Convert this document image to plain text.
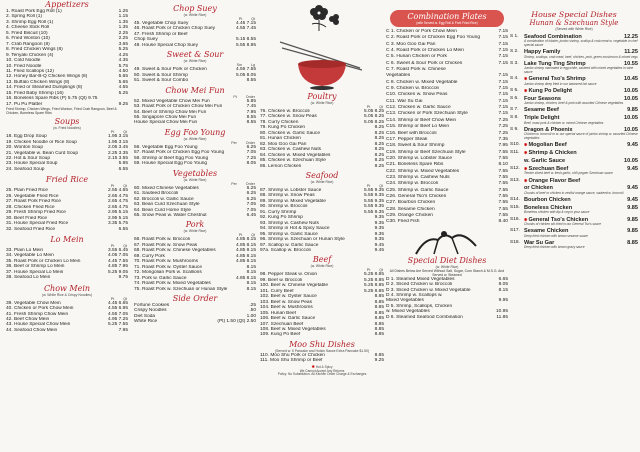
Appetizers
1. Roast Pork Egg Roll (1)	1.25
2. Spring Roll (1)	1.15
3. Shrimp Egg Roll (1)	1.35
4. Cheese Stick Roll	1.35
5. Fried Biscuit (10)	2.25
6. Fried Wonton (10)	2.25
7. Crab Rangoon (8)	3.65
8. Fried Chicken Wings (8)	5.25
9. Teriyaki Chicken (4)	4.25
10. Cold Noodle	4.35
10. Fried Noodle	5.75
11. Fried Scallops (12)	4.50
12. Honey Bar-B-Q Chicken Wings (8)	5.65
13. Buffalo Chicken Wings (8)	5.65
14. Fried or Steamed Dumplings (8)	4.55
15. Fried Baby Shrimp (16)	5.25
16. Boneless Spare Ribs (P) 5.75 (Qt) 9.75
17. Pu Pu Platter	9.25
Fried Shrimp, Chicken Wings, Fried Wonton, Fried Crab Rangoon, Beef & Chicken, Boneless Spare Ribs
Soups
(w. Fried Noodles)
Pt Qt
18. Egg Drop Soup	1.95 3.15
19. Chicken Noodle or Rice Soup	1.95 3.15
20. Wonton Soup	2.05 3.45
21. Vegetable w. Bean Curd Soup	2.25 3.35
22. Hot & Sour Soup	2.15 3.55
23. House Special Soup	5.95
24. Seafood Soup	6.55
Fried Rice
Pt Qt
25. Plain Fried Rice	2.55 4.65
26. Vegetable Fried Rice	2.65 4.75
27. Roast Pork Fried Rice	2.65 4.75
28. Chicken Fried Rice	2.65 4.75
29. Fresh Shrimp Fried Rice	2.95 5.15
30. Beef Fried Rice	2.95 5.15
31. House Special Fried Rice	3.35 5.75
32. Seafood Fried Rice	6.55
Lo Mein
Pt Qt
33. Plain Lo Mein	3.55 6.45
34. Vegetable Lo Mein	4.05 7.05
35. Roast Pork or Chicken Lo Mein	4.45 7.55
36. Beef or Shrimp Lo Mein	4.85 7.95
37. House Special Lo Mein	5.25 9.05
38. Seafood Lo Mein	9.75
Chow Mein
(w. White Rice & Crispy Noodles)
Pt Qt
39. Vegetable Chow Mein	4.45 6.65
40. Chicken or Pork Chow Mein	4.55 6.95
41. Fresh Shrimp Chow Mein	4.55 7.05
42. Beef Chow Mein	4.95 7.25
43. House Special Chow Mein	5.25 7.55
44. Seafood Chow Mein	7.95
Chop Suey
(w. White Rice)
Pt Qt
45. Vegetable Chop Suey	4.45 7.15
46. Roast Pork or Chicken Chop Suey	4.55 7.45
47. Fresh Shrimp or Beef
Chop Suey	5.15 8.55
48. House Special Chop Suey	5.55 8.95
Sweet & Sour
(w. White Rice)
Sm Lg
49. Sweet & Sour Pork or Chicken	4.55 7.55
50. Sweet & Sour Shrimp	5.05 8.05
51. Sweet & Sour Combo	8.55
Chow Mei Fun
Pt Order
52. Mixed Vegetable Chow Mei Fun	5.85
53. Roast Pork or Chicken Chow Mei Fun	7.45
54. Beef or Shrimp Chow Mei Fun	7.95
55. Singapore Chow Mei Fun	8.55
House Special Chow Mei Fun	8.55
Egg Foo Young
(w. White Rice)
Per Order
56. Vegetable Egg Foo Young	6.25
57. Roast Pork or Chicken Egg Foo Young	7.05
58. Shrimp or Beef Egg Foo Young	7.25
59. House Special Egg Foo Young	8.05
Vegetables
(w. White Rice)
Per Order
60. Mixed Chinese Vegetables	6.25
61. Sauteed Broccoli	6.25
62. Broccoli w. Garlic Sauce	6.25
63. Bean Curd Szechuan Style	7.05
64. Bean Curd Home Style	7.05
65. Snow Peas w. Water Chestnut	6.45
Pork
(w. White Rice)
Pt Qt
66. Roast Pork w. Broccoli	4.85 8.15
67. Roast Pork w. Snow Peas	4.85 8.15
68. Roast Pork w. Chinese Vegetables	4.85 8.15
69. Curry Pork	4.85 8.15
70. Roast Pork w. Mushrooms	4.85 8.15
71. Roast Pork w. Oyster Sauce	8.15
72. Mongolian Pork w. Scallions	8.15
73. Pork w. Garlic Sauce	4.85 8.15
74. Roast Pork w. Mixed Vegetables	8.15
75. Roast Pork w. Szechuan or Hunan Style	8.15
Side Order
Fortune Cookies	.25
Crispy Noodles	.50
Diet Soda	1.00
White Rice	(Pt) 1.50 (Qt) 2.50
Poultry
(w. White Rice)
Pt Qt
76. Chicken w. Broccoli	5.05 8.25
77. Chicken w. Snow Peas	5.05 8.25
78. Curry Chicken	5.05 8.25
79. Kung Po Chicken	8.25
80. Chicken w. Garlic Sauce	8.25
81. Hunan Chicken	8.25
82. Moo Goo Gai Pan	8.25
83. Chicken w. Cashew Nuts	8.25
84. Chicken w. Mixed Vegetables	8.25
85. Chicken w. Szechuan Style	8.25
86. Lemon Chicken	8.25
Seafood
(w. White Rice)
Pt Qt
87. Shrimp w. Lobster Sauce	5.55 9.35
88. Shrimp w. Snow Peas	5.55 9.35
89. Shrimp w. Mixed Vegetable	5.55 9.35
90. Shrimp w. Broccoli	5.55 9.35
91. Curry Shrimp	5.55 9.35
92. Kung Po Shrimp	9.35
93. Shrimp w. Cashew Nuts	9.35
94. Shrimp in Hot & Spicy Sauce	9.35
95. Shrimp w. Garlic Sauce	9.35
96. Shrimp w. Szechuan or Hunan Style	9.35
97. Scallop w. Garlic Sauce	9.45
97a. Scallop w. Broccoli	9.45
Beef
(w. White Rice)
Pt Qt
98. Pepper Steak w. Onion	5.25 8.85
99. Beef w. Broccoli	5.25 8.85
100. Beef w. Chinese Vegetable	5.25 8.85
101. Curry Beef	5.25 8.85
102. Beef w. Oyster Sauce	8.85
103. Beef w. Snow Peas	8.85
104. Beef w. Mushrooms	8.85
105. Hunan Beef	8.85
106. Beef w. Garlic Sauce	8.85
107. Szechuan Beef	8.85
108. Beef w. Mixed Vegetables	8.85
109. Kung Po Beef	8.85
Moo Shu Dishes
(Served w. 5 Pancake and Hoisin Sauce Extra Pancake $1.50)
110. Moo Shu Pork or Chicken	8.85
111. Moo Shu Shrimp or Beef	9.25
✱ Hot & Spicy
We Cannot Accept Any Returns
Policy: No Substitution. All Kitchen Order Charge & Exchanges
Combination Plates
(with Served w. Egg Roll & Pork Fried Rice)
C 1. Chicken or Pork Chow Mein	7.15
C 2. Roast Pork or Chicken Egg Foo Young	7.15
C 3. Moo Goo Gai Pan	7.15
C 4. Roast Pork or Chicken Lo Mein	7.15
C 5. Hunan Chicken or Pork	7.15
C 6. Sweet & Sour Pork or Chicken	7.15
C 7. Roast Pork w. Chinese
Vegetables	7.15
C 8. Chicken w. Mixed Vegetable	7.15
C 9. Chicken w. Broccoli	7.15
C10. Chicken w. Snow Peas	7.15
C11. War Su Gai	7.15
C12. Chicken w. Garlic Sauce	7.15
C13. Chicken or Pork Szechuan Style	7.15
C14. Shrimp or Beef Chow Mein	7.25
C15. Shrimp or Beef Lo Mein	7.25
C16. Beef with Broccoli	7.25
C17. Pepper Steak	7.35
C18. Sweet & Sour Shrimp	7.95
C19. Shrimp or Beef Szechuan Style	7.55
C20. Shrimp w. Lobster Sauce	7.55
C21. Boneless Spare Ribs	8.10
C22. Shrimp w. Mixed Vegetables	7.55
C23. Shrimp w. Cashew Nuts	7.55
C24. Shrimp w. Broccoli	7.55
C25. Shrimp w. Garlic Sauce	7.55
C26. General Tso's Chicken	7.55
C27. Bourbon Chicken	7.55
C28. Sesame Chicken	7.55
C29. Orange Chicken	7.55
C30. Fried Fish	8.40
Special Diet Dishes
(w. White Rice)
All Dishes Below Are Served Without Salt, Sugar, Corn Starch & M.S.G. And Served w. Steamed
D 1. Steamed Mixed Vegetables	6.65
D 2. Sliced Chicken w. Broccoli	8.05
D 3. Sliced Chicken w. Mixed Vegetable	8.15
D 4. Shrimp w. Scallops w.
Mixed Vegetables	9.95
D 5. Shrimp, Scallops, Chicken
w. Mixed Vegetables	10.95
D 6. Steamed Seafood Combination	11.85
House Special Dishes
Hunan & Szechuan Style
(Served with White Rice)
S 1. Seafood Combination	12.25
A combination of lobster, jumbo shrimp, scallop & crab meat w. vegetable in chef special sauce
S 2. Happy Family	11.25
Shrimp, scallops, crab meat, beef, chicken, pork, green mushroom & mixed vegs
S 3. Lake Tung Ting Shrimp	10.55
Jumbo shrimp marinated in egg white, sauteed with mixed vegetables in wine sauce
S 4.	✱ General Tso's Shrimp	10.45
Jumbo shrimp deep fried in our balanced hot sauce
S 5.	✱ Kung Po Delight	10.05
S 6. Four Seasons	10.05
Jumbo shrimp, chicken, beef & pork with assorted Chinese vegetables
S 7. Sesame Beef	9.85
S 8. Triple Delight	10.05
Beef, roast pork & chicken w. mixed Chinese vegetables
S 9. Dragon & Phoenix	10.05
Chicken w. broccoli or w. our special sauce of jumbo shrimp w. assorted Chinese vegetables
S10.	✱ Mogolian Beef	9.45
S11.	✱ Shrimp & Chicken
w. Garlic Sauce	10.05
S12.	✱ Szechuan Beef	9.45
Tender sliced beef w. fresh garlic, chili pepper Szechuan sauce
S13.	✱ Orange Flavor Beef
or Chicken	9.45
Chunks of beef or chicken in zestful orange sauce, sauteed w. broccoli
S14. Bourbon Chicken	9.45
S15. Boneless Chicken	9.85
Boneless chicken with dip & veg in your sauce
S16.	✱ General Tso's Chicken	9.85
Chunks of chicken stir-fried in our General Tso's sauce
S17. Sesame Chicken	9.85
Deep fried chicken with brown sesame sauce
S18. War Su Gar	8.85
Deep fried chicken with brown gravy sauce
